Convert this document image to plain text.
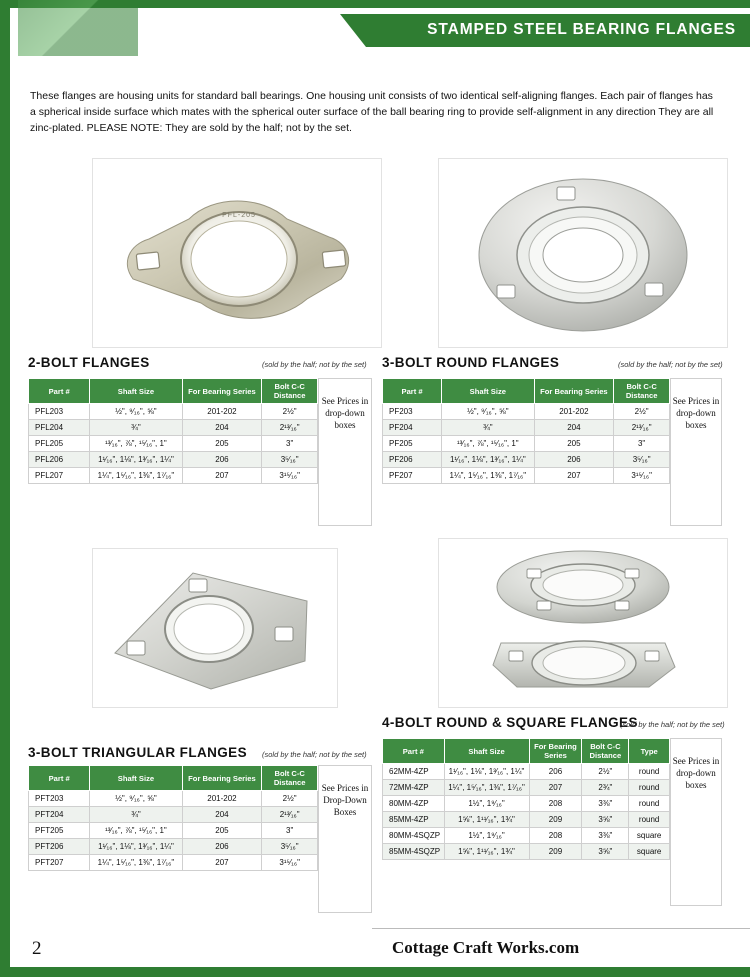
STAMPED STEEL BEARING FLANGES
These flanges are housing units for standard ball bearings. One housing unit consists of two identical self-aligning flanges. Each pair of flanges has a spherical inside surface which mates with the spherical outer surface of the ball bearing ring to provide self-alignment in any direction They are all zinc-plated. PLEASE NOTE: They are sold by the half; not by the set.
PFL-205
2-BOLT FLANGES	(sold by the half; not by the set)
Part #	Shaft Size	For Bearing Series	Bolt C-C Distance
PFL203	½", ⁹⁄₁₆", ⅝"	201-202	2½"
PFL204	¾"	204	2¹³⁄₁₆"
PFL205	¹³⁄₁₆", ⅞", ¹⁵⁄₁₆", 1"	205	3"
PFL206	1¹⁄₁₆", 1⅛", 1³⁄₁₆", 1¼"	206	3⁵⁄₁₆"
PFL207	1¼", 1⁵⁄₁₆", 1⅜", 1⁷⁄₁₆"	207	3¹⁵⁄₁₆"
See Prices in drop-down boxes
3-BOLT ROUND FLANGES	(sold by the half; not by the set)
Part #	Shaft Size	For Bearing Series	Bolt C-C Distance
PF203	½", ⁹⁄₁₆", ⅝"	201-202	2½"
PF204	¾"	204	2¹³⁄₁₆"
PF205	¹³⁄₁₆", ⅞", ¹⁵⁄₁₆", 1"	205	3"
PF206	1¹⁄₁₆", 1⅛", 1³⁄₁₆", 1¼"	206	3⁵⁄₁₆"
PF207	1¼", 1⁵⁄₁₆", 1⅜", 1⁷⁄₁₆"	207	3¹⁵⁄₁₆"
See Prices in drop-down boxes
3-BOLT TRIANGULAR FLANGES (sold by the half; not by the set)
Part #	Shaft Size	For Bearing Series	Bolt C-C Distance
PFT203	½", ⁹⁄₁₆", ⅝"	201-202	2½"
PFT204	¾"	204	2¹³⁄₁₆"
PFT205	¹³⁄₁₆", ⅞", ¹⁵⁄₁₆", 1"	205	3"
PFT206	1¹⁄₁₆", 1⅛", 1³⁄₁₆", 1¼"	206	3⁵⁄₁₆"
PFT207	1¼", 1⁵⁄₁₆", 1⅜", 1⁷⁄₁₆"	207	3¹⁵⁄₁₆"
See Prices in Drop-Down Boxes
4-BOLT ROUND & SQUARE FLANGES
(sold by the half; not by the set)
Part #	Shaft Size	For Bearing Series	Bolt C-C Distance	Type
62MM-4ZP	1¹⁄₁₆", 1⅛", 1³⁄₁₆", 1¼"	206	2½"	round
72MM-4ZP	1¼", 1⁵⁄₁₆", 1⅜", 1⁷⁄₁₆"	207	2¾"	round
80MM-4ZP	1½", 1⁹⁄₁₆"	208	3⅜"	round
85MM-4ZP	1⅝", 1¹¹⁄₁₆", 1¾"	209	3⅝"	round
80MM-4SQZP	1½", 1⁹⁄₁₆"	208	3⅜"	square
85MM-4SQZP	1⅝", 1¹¹⁄₁₆", 1¾"	209	3⅝"	square
See Prices in drop-down boxes
Cottage Craft Works.com
2
